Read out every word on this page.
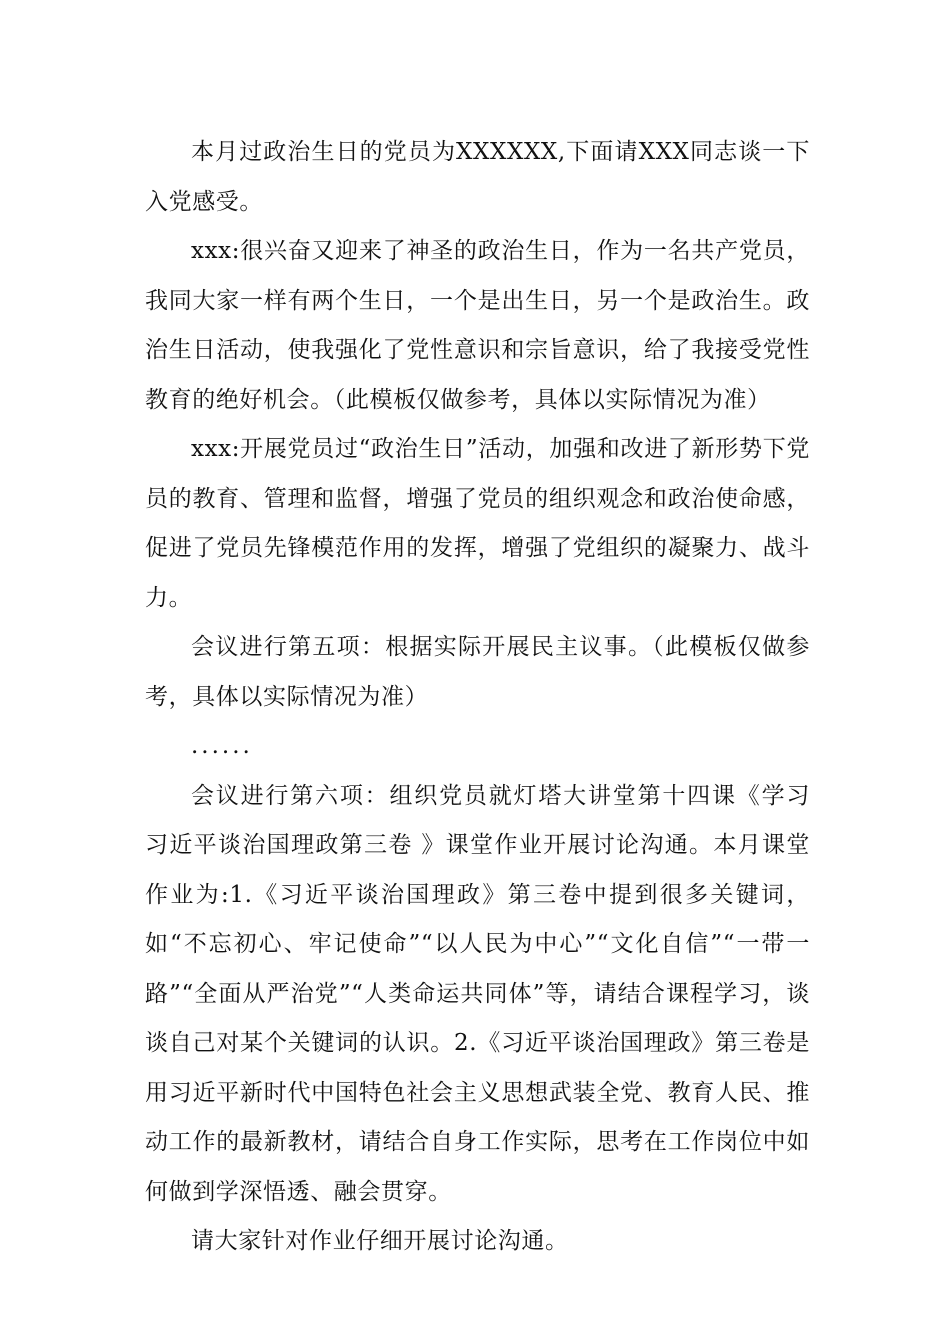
本月过政治生日的党员为XXXXXX,下面请XXX同志谈一下入党感受。

xxx:很兴奋又迎来了神圣的政治生日，作为一名共产党员，我同大家一样有两个生日，一个是出生日，另一个是政治生。政治生日活动，使我强化了党性意识和宗旨意识，给了我接受党性教育的绝好机会。（此模板仅做参考，具体以实际情况为准）

xxx:开展党员过“政治生日”活动，加强和改进了新形势下党员的教育、管理和监督，增强了党员的组织观念和政治使命感，促进了党员先锋模范作用的发挥，增强了党组织的凝聚力、战斗力。

会议进行第五项：根据实际开展民主议事。（此模板仅做参考，具体以实际情况为准）

......

会议进行第六项：组织党员就灯塔大讲堂第十四课《学习 习近平谈治国理政第三卷 》课堂作业开展讨论沟通。本月课堂作业为:1.《习近平谈治国理政》第三卷中提到很多关键词，如“不忘初心、牢记使命”“以人民为中心”“文化自信”“一带一路”“全面从严治党”“人类命运共同体”等，请结合课程学习，谈谈自己对某个关键词的认识。2.《习近平谈治国理政》第三卷是用习近平新时代中国特色社会主义思想武装全党、教育人民、推动工作的最新教材，请结合自身工作实际，思考在工作岗位中如何做到学深悟透、融会贯穿。

请大家针对作业仔细开展讨论沟通。
